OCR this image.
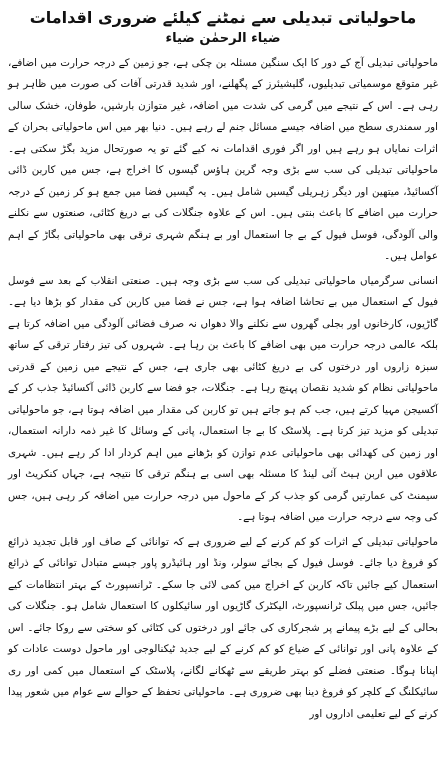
ماحولیاتی تبدیلی سے نمٹنے کیلئے ضروری اقدامات
ضیاء الرحمٰن ضیاء

ماحولیاتی تبدیلی آج کے دور کا ایک سنگین مسئلہ بن چکی ہے، جو زمین کے درجہ حرارت میں اضافے، غیر متوقع موسمیاتی تبدیلیوں، گلیشیئرز کے پگھلنے، اور شدید قدرتی آفات کی صورت میں ظاہر ہو رہی ہے۔ اس کے نتیجے میں گرمی کی شدت میں اضافہ، غیر متوازن بارشیں، طوفان، خشک سالی اور سمندری سطح میں اضافہ جیسے مسائل جنم لے رہے ہیں۔ دنیا بھر میں اس ماحولیاتی بحران کے اثرات نمایاں ہو رہے ہیں اور اگر فوری اقدامات نہ کیے گئے تو یہ صورتحال مزید بگڑ سکتی ہے۔ ماحولیاتی تبدیلی کی سب سے بڑی وجہ گرین ہاؤس گیسوں کا اخراج ہے، جس میں کاربن ڈائی آکسائیڈ، میتھین اور دیگر زہریلی گیسیں شامل ہیں۔ یہ گیسیں فضا میں جمع ہو کر زمین کے درجہ حرارت میں اضافے کا باعث بنتی ہیں۔ اس کے علاوہ جنگلات کی بے دریغ کٹائی، صنعتوں سے نکلنے والی آلودگی، فوسل فیول کے بے جا استعمال اور بے ہنگم شہری ترقی بھی ماحولیاتی بگاڑ کے اہم عوامل ہیں۔

انسانی سرگرمیاں ماحولیاتی تبدیلی کی سب سے بڑی وجہ ہیں۔ صنعتی انقلاب کے بعد سے فوسل فیول کے استعمال میں بے تحاشا اضافہ ہوا ہے، جس نے فضا میں کاربن کی مقدار کو بڑھا دیا ہے۔ گاڑیوں، کارخانوں اور بجلی گھروں سے نکلنے والا دھواں نہ صرف فضائی آلودگی میں اضافہ کرتا ہے بلکہ عالمی درجہ حرارت میں بھی اضافے کا باعث بن رہا ہے۔ شہروں کی تیز رفتار ترقی کے ساتھ سبزہ زاروں اور درختوں کی بے دریغ کٹائی بھی جاری ہے، جس کے نتیجے میں زمین کے قدرتی ماحولیاتی نظام کو شدید نقصان پہنچ رہا ہے۔ جنگلات، جو فضا سے کاربن ڈائی آکسائیڈ جذب کر کے آکسیجن مہیا کرتے ہیں، جب کم ہو جاتے ہیں تو کاربن کی مقدار میں اضافہ ہوتا ہے، جو ماحولیاتی تبدیلی کو مزید تیز کرتا ہے۔ پلاسٹک کا بے جا استعمال، پانی کے وسائل کا غیر ذمہ دارانہ استعمال، اور زمین کی کھدائی بھی ماحولیاتی عدم توازن کو بڑھانے میں اہم کردار ادا کر رہے ہیں۔ شہری علاقوں میں اربن ہیٹ آئی لینڈ کا مسئلہ بھی اسی بے ہنگم ترقی کا نتیجہ ہے، جہاں کنکریٹ اور سیمنٹ کی عمارتیں گرمی کو جذب کر کے ماحول میں درجہ حرارت میں اضافہ کر رہی ہیں، جس کی وجہ سے درجہ حرارت میں اضافہ ہوتا ہے۔

ماحولیاتی تبدیلی کے اثرات کو کم کرنے کے لیے ضروری ہے کہ توانائی کے صاف اور قابل تجدید ذرائع کو فروغ دیا جائے۔ فوسل فیول کے بجائے سولر، ونڈ اور ہائیڈرو پاور جیسے متبادل توانائی کے ذرائع استعمال کیے جائیں تاکہ کاربن کے اخراج میں کمی لائی جا سکے۔ ٹرانسپورٹ کے بہتر انتظامات کیے جائیں، جس میں پبلک ٹرانسپورٹ، الیکٹرک گاڑیوں اور سائیکلوں کا استعمال شامل ہو۔ جنگلات کی بحالی کے لیے بڑے پیمانے پر شجرکاری کی جائے اور درختوں کی کٹائی کو سختی سے روکا جائے۔ اس کے علاوہ پانی اور توانائی کے ضیاع کو کم کرنے کے لیے جدید ٹیکنالوجی اور ماحول دوست عادات کو اپنانا ہوگا۔ صنعتی فضلے کو بہتر طریقے سے ٹھکانے لگانے، پلاسٹک کے استعمال میں کمی اور ری سائیکلنگ کے کلچر کو فروغ دینا بھی ضروری ہے۔ ماحولیاتی تحفظ کے حوالے سے عوام میں شعور پیدا کرنے کے لیے تعلیمی اداروں اور
